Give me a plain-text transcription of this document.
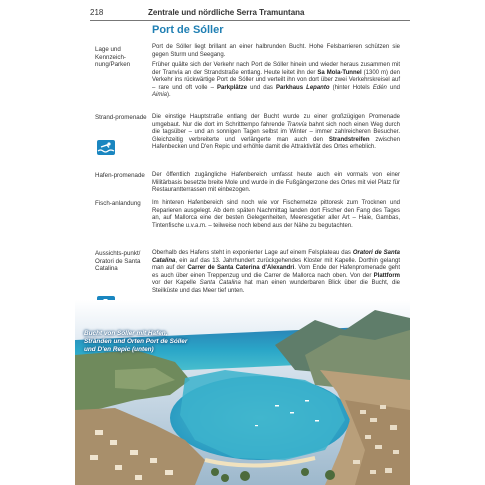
218	Zentrale und nördliche Serra Tramuntana
Port de Sóller
Lage und Kennzeich-nung/Parken
Strand-promenade
Hafen-promenade
Fisch-anlandung
Aussichts-punkt/ Oratori de Santa Catalina

Port de Sóller liegt brillant an einer halbrunden Bucht. Hohe Felsbarrieren schützen sie gegen Sturm und Seegang.

Früher quälte sich der Verkehr nach Port de Sóller hinein und wieder heraus zusammen mit der Tranvía an der Strandstraße entlang. Heute leitet ihn der Sa Mola-Tunnel (1300 m) den Verkehr ins rückwärtige Port de Sóller und verteilt ihn von dort über zwei Verkehrskreisel auf – rare und oft volle – Parkplätze und das Parkhaus Lepanto (hinter Hotels Edén und Aimia).

Die einstige Hauptstraße entlang der Bucht wurde zu einer großzügigen Promenade umgebaut. Nur die dort im Schritttempo fahrende Tranvía bahnt sich noch einen Weg durch die tagsüber – und an sonnigen Tagen selbst im Winter – immer zahlreicheren Besucher. Gleichzeitig verbreiterte und verlängerte man auch den Strandstreifen zwischen Hafenbecken und D'en Repic und erhöhte damit die Attraktivität des Ortes erheblich.

Der öffentlich zugängliche Hafenbereich umfasst heute auch ein vormals von einer Militärbasis besetzte breite Mole und wurde in die Fußgängerzone des Ortes mit viel Platz für Restaurantterrassen mit einbezogen.

Im hinteren Hafenbereich sind noch wie vor Fischernetze pittoresk zum Trocknen und Reparieren ausgelegt. Ab dem späten Nachmittag landen dort Fischer den Fang des Tages an, auf Mallorca eine der besten Gelegenheiten, Meeresgetier aller Art – Haie, Gambas, Tintenfische u.v.a.m. – teilweise noch lebend aus der Nähe zu begutachten.

Oberhalb des Hafens steht in exponierter Lage auf einem Felsplateau das Oratori de Santa Catalina, ein auf das 13. Jahrhundert zurückgehendes Kloster mit Kapelle. Dorthin gelangt man auf der Carrer de Santa Caterina d'Alexandri. Vom Ende der Hafenpromenade geht es auch über einen Treppenzug und die Carrer de Mallorca nach oben. Von der Plattform vor der Kapelle Santa Catalina hat man einen wunderbaren Blick über die Bucht, die Steilküste und das Meer tief unten.

Bucht von Sóller mit Hafen, Stränden und Orten Port de Sóller und D'en Repic (unten)
